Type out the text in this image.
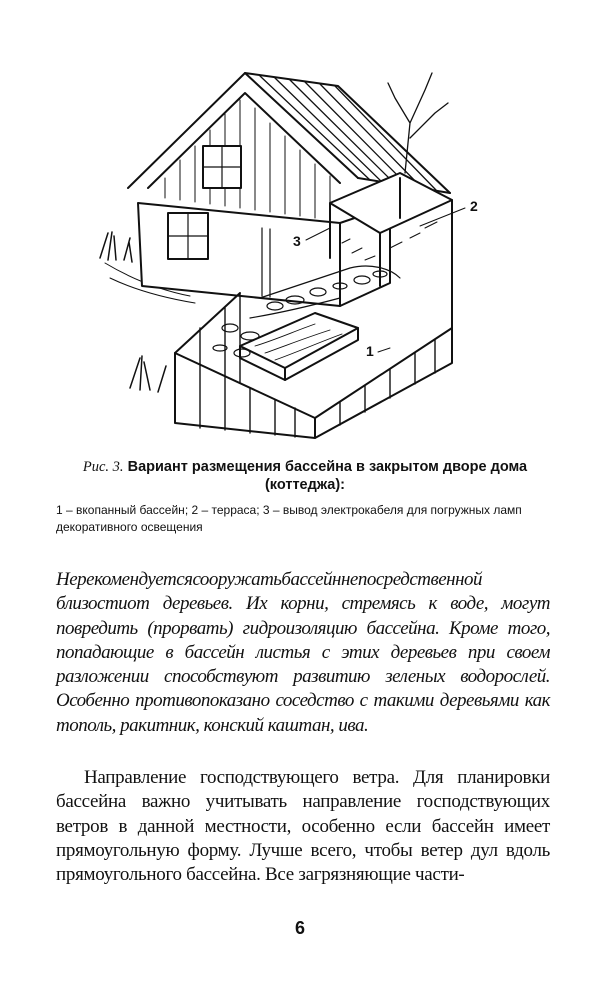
1
2
3
Рис. 3. Вариант размещения бассейна в закрытом дворе дома (коттеджа):
1 – вкопанный бассейн; 2 – терраса; 3 – вывод электрокабеля для погружных ламп декоративного освещения

Нерекомендуетсясооружатьбассейннепосредственной близостиот деревьев. Их корни, стремясь к воде, могут повредить (прорвать) гидроизоляцию бассейна. Кроме того, попадающие в бассейн листья с этих деревьев при своем разложении способствуют развитию зеленых водорослей. Особенно противопоказано соседство с такими деревьями как тополь, ракитник, конский каштан, ива.

Направление господствующего ветра. Для планировки бассейна важно учитывать направление господствующих ветров в данной местности, особенно если бассейн имеет прямоугольную форму. Лучше всего, чтобы ветер дул вдоль прямоугольного бассейна. Все загрязняющие части-

6
